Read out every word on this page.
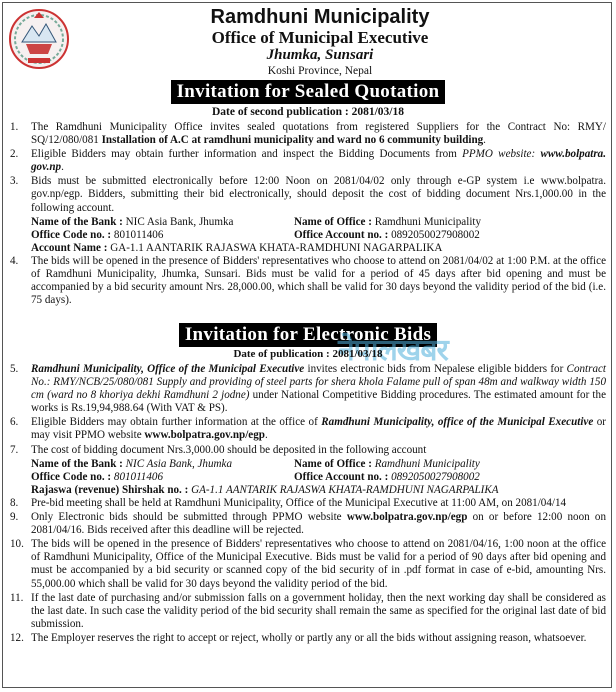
Ramdhuni Municipality
Office of Municipal Executive
Jhumka, Sunsari
Koshi Province, Nepal
Invitation for Sealed Quotation
Date of second publication : 2081/03/18
1. The Ramdhuni Municipality Office invites sealed quotations from registered Suppliers for the Contract No: RMY/ SQ/12/080/081 Installation of A.C at ramdhuni municipality and ward no 6 community building.
2. Eligible Bidders may obtain further information and inspect the Bidding Documents from PPMO website: www.bolpatra. gov.np.
3. Bids must be submitted electronically before 12:00 Noon on 2081/04/02 only through e-GP system i.e www.bolpatra. gov.np/egp. Bidders, submitting their bid electronically, should deposit the cost of bidding document Nrs.1,000.00 in the following account.
Name of the Bank : NIC Asia Bank, Jhumka	Name of Office : Ramdhuni Municipality
Office Code no. : 801011406	Office Account no. : 0892050027908002
Account Name : GA-1.1 AANTARIK RAJASWA KHATA-RAMDHUNI NAGARPALIKA
4. The bids will be opened in the presence of Bidders' representatives who choose to attend on 2081/04/02 at 1:00 P.M. at the office of Ramdhuni Municipality, Jhumka, Sunsari. Bids must be valid for a period of 45 days after bid opening and must be accompanied by a bid security amount Nrs. 28,000.00, which shall be valid for 30 days beyond the validity period of the bid (i.e. 75 days).
Invitation for Electronic Bids
नेपालखबर
Date of publication : 2081/03/18
5. Ramdhuni Municipality, Office of the Municipal Executive invites electronic bids from Nepalese eligible bidders for Contract No.: RMY/NCB/25/080/081 Supply and providing of steel parts for shera khola Falame pull of span 48m and walkway width 150 cm (ward no 8 khoriya dekhi Ramdhuni 2 jodne) under National Competitive Bidding procedures. The estimated amount for the works is Rs.19,94,988.64 (With VAT & PS).
6. Eligible Bidders may obtain further information at the office of Ramdhuni Municipality, office of the Municipal Executive or may visit PPMO website www.bolpatra.gov.np/egp.
7. The cost of bidding document Nrs.3,000.00 should be deposited in the following account
Name of the Bank : NIC Asia Bank, Jhumka	Name of Office : Ramdhuni Municipality
Office Code no. : 801011406	Office Account no. : 0892050027908002
Rajaswa (revenue) Shirshak no. : GA-1.1 AANTARIK RAJASWA KHATA-RAMDHUNI NAGARPALIKA
8. Pre-bid meeting shall be held at Ramdhuni Municipality, Office of the Municipal Executive at 11:00 AM, on 2081/04/14
9. Only Electronic bids should be submitted through PPMO website www.bolpatra.gov.np/egp on or before 12:00 noon on 2081/04/16. Bids received after this deadline will be rejected.
10. The bids will be opened in the presence of Bidders' representatives who choose to attend on 2081/04/16, 1:00 noon at the office of Ramdhuni Municipality, Office of the Municipal Executive. Bids must be valid for a period of 90 days after bid opening and must be accompanied by a bid security or scanned copy of the bid security of in .pdf format in case of e-bid, amounting Nrs. 55,000.00 which shall be valid for 30 days beyond the validity period of the bid.
11. If the last date of purchasing and/or submission falls on a government holiday, then the next working day shall be considered as the last date. In such case the validity period of the bid security shall remain the same as specified for the original last date of bid submission.
12. The Employer reserves the right to accept or reject, wholly or partly any or all the bids without assigning reason, whatsoever.
